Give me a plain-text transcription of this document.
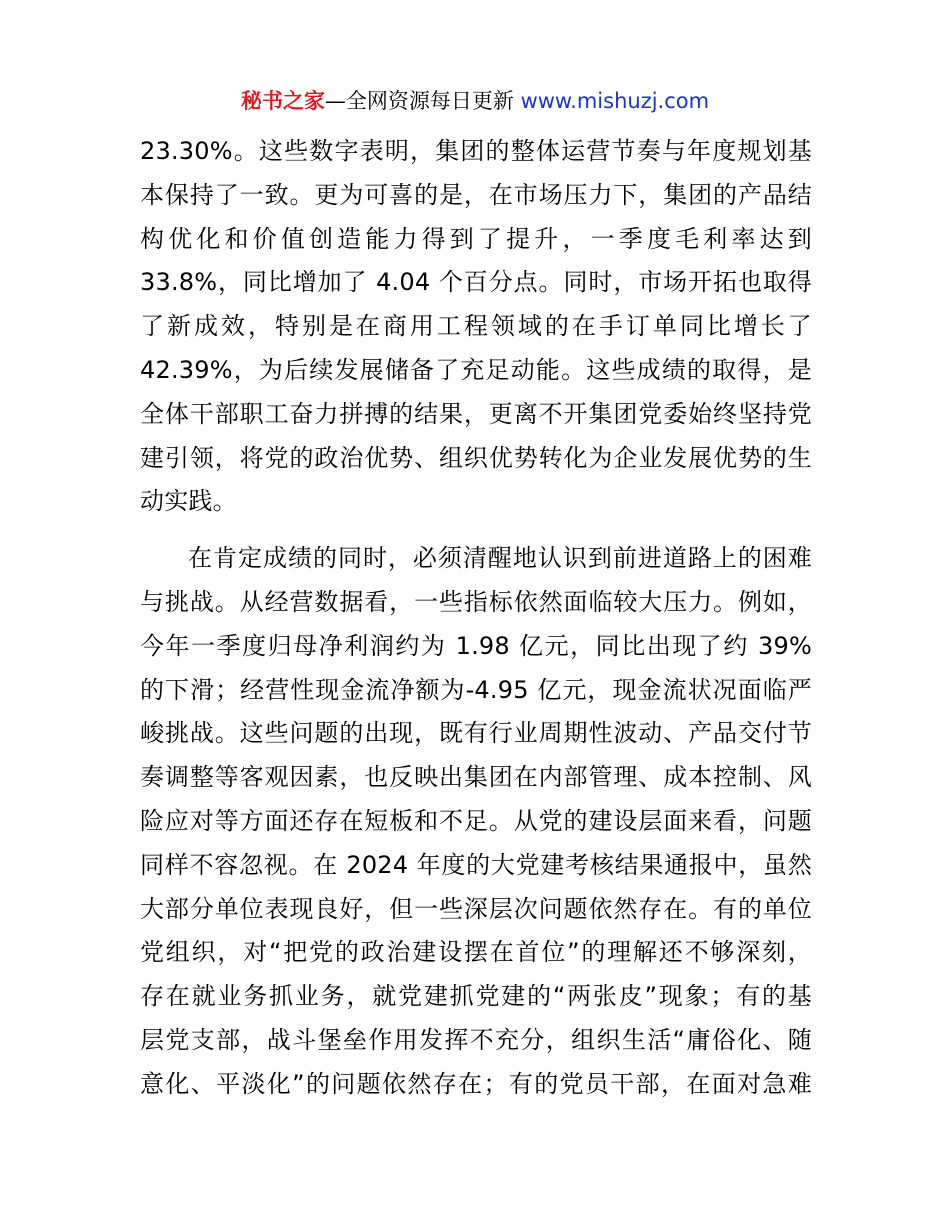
秘书之家—全网资源每日更新 www.mishuzj.com
23.30%。这些数字表明，集团的整体运营节奏与年度规划基
本保持了一致。更为可喜的是，在市场压力下，集团的产品结
构优化和价值创造能力得到了提升，一季度毛利率达到
33.8%，同比增加了 4.04 个百分点。同时，市场开拓也取得
了新成效，特别是在商用工程领域的在手订单同比增长了
42.39%，为后续发展储备了充足动能。这些成绩的取得，是
全体干部职工奋力拼搏的结果，更离不开集团党委始终坚持党
建引领，将党的政治优势、组织优势转化为企业发展优势的生
动实践。
在肯定成绩的同时，必须清醒地认识到前进道路上的困难
与挑战。从经营数据看，一些指标依然面临较大压力。例如，
今年一季度归母净利润约为 1.98 亿元，同比出现了约 39%
的下滑；经营性现金流净额为-4.95 亿元，现金流状况面临严
峻挑战。这些问题的出现，既有行业周期性波动、产品交付节
奏调整等客观因素，也反映出集团在内部管理、成本控制、风
险应对等方面还存在短板和不足。从党的建设层面来看，问题
同样不容忽视。在 2024 年度的大党建考核结果通报中，虽然
大部分单位表现良好，但一些深层次问题依然存在。有的单位
党组织，对“把党的政治建设摆在首位”的理解还不够深刻，
存在就业务抓业务，就党建抓党建的“两张皮”现象；有的基
层党支部，战斗堡垒作用发挥不充分，组织生活“庸俗化、随
意化、平淡化”的问题依然存在；有的党员干部，在面对急难
